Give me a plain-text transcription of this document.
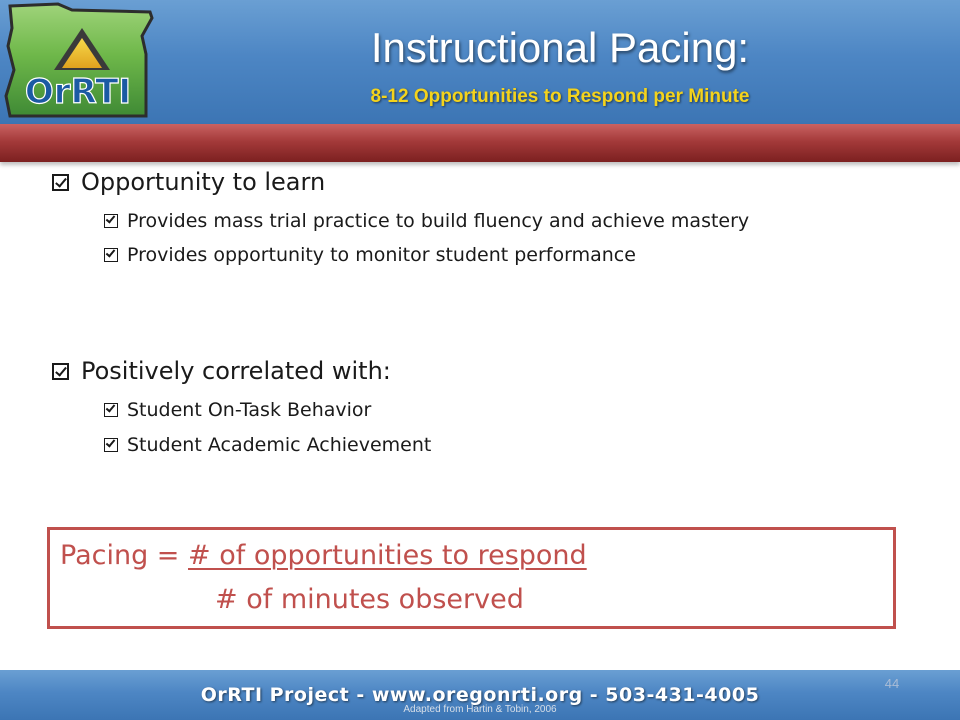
OrRTI
Instructional Pacing:
8-12 Opportunities to Respond per Minute
Opportunity to learn
Provides mass trial practice to build fluency and achieve mastery
Provides opportunity to monitor student performance
Positively correlated with:
Student On-Task Behavior
Student Academic Achievement
Pacing = # of opportunities to respond
# of minutes observed
44
OrRTI Project - www.oregonrti.org - 503-431-4005
Adapted from Hartin & Tobin, 2006
